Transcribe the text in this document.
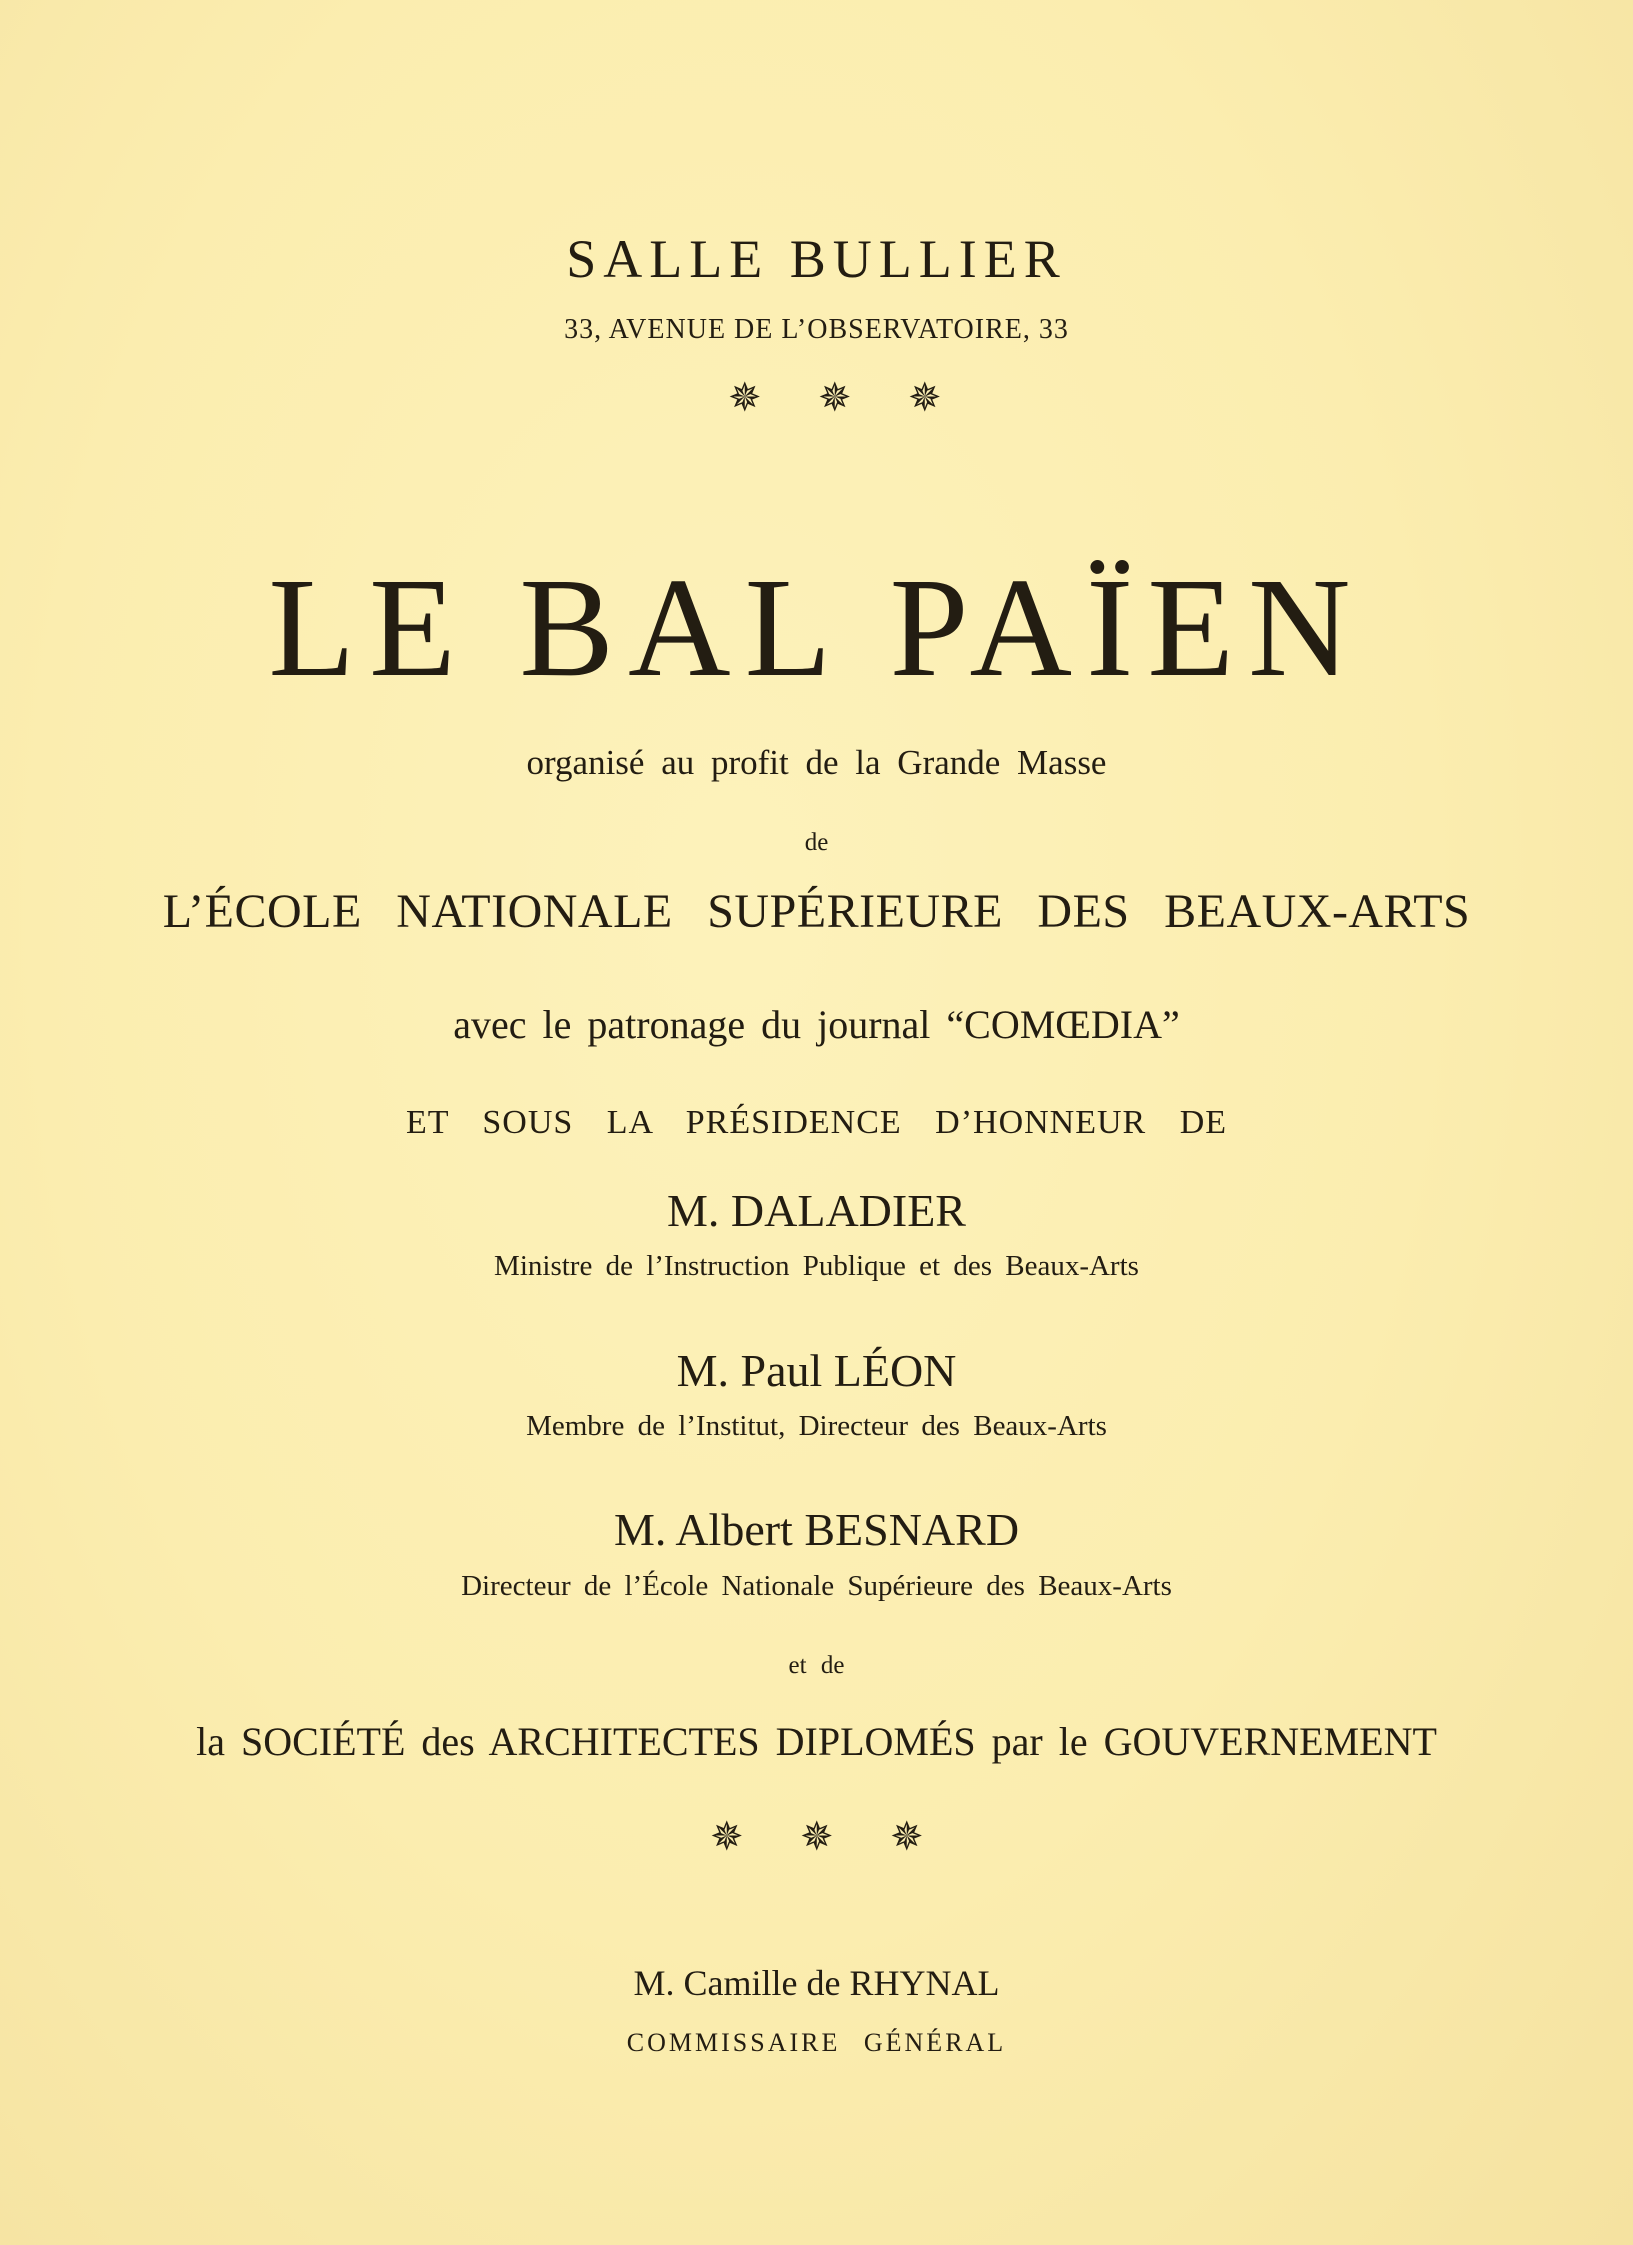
SALLE BULLIER
33, AVENUE DE L’OBSERVATOIRE, 33
✵ ✵ ✵
LE BAL PAÏEN
organisé au profit de la Grande Masse
de
L’ÉCOLE NATIONALE SUPÉRIEURE DES BEAUX-ARTS
avec le patronage du journal “COMŒDIA”
ET SOUS LA PRÉSIDENCE D’HONNEUR DE
M. DALADIER
Ministre de l’Instruction Publique et des Beaux-Arts
M. Paul LÉON
Membre de l’Institut, Directeur des Beaux-Arts
M. Albert BESNARD
Directeur de l’École Nationale Supérieure des Beaux-Arts
et de
la SOCIÉTÉ des ARCHITECTES DIPLOMÉS par le GOUVERNEMENT
✵ ✵ ✵
M. Camille de RHYNAL
COMMISSAIRE GÉNÉRAL
